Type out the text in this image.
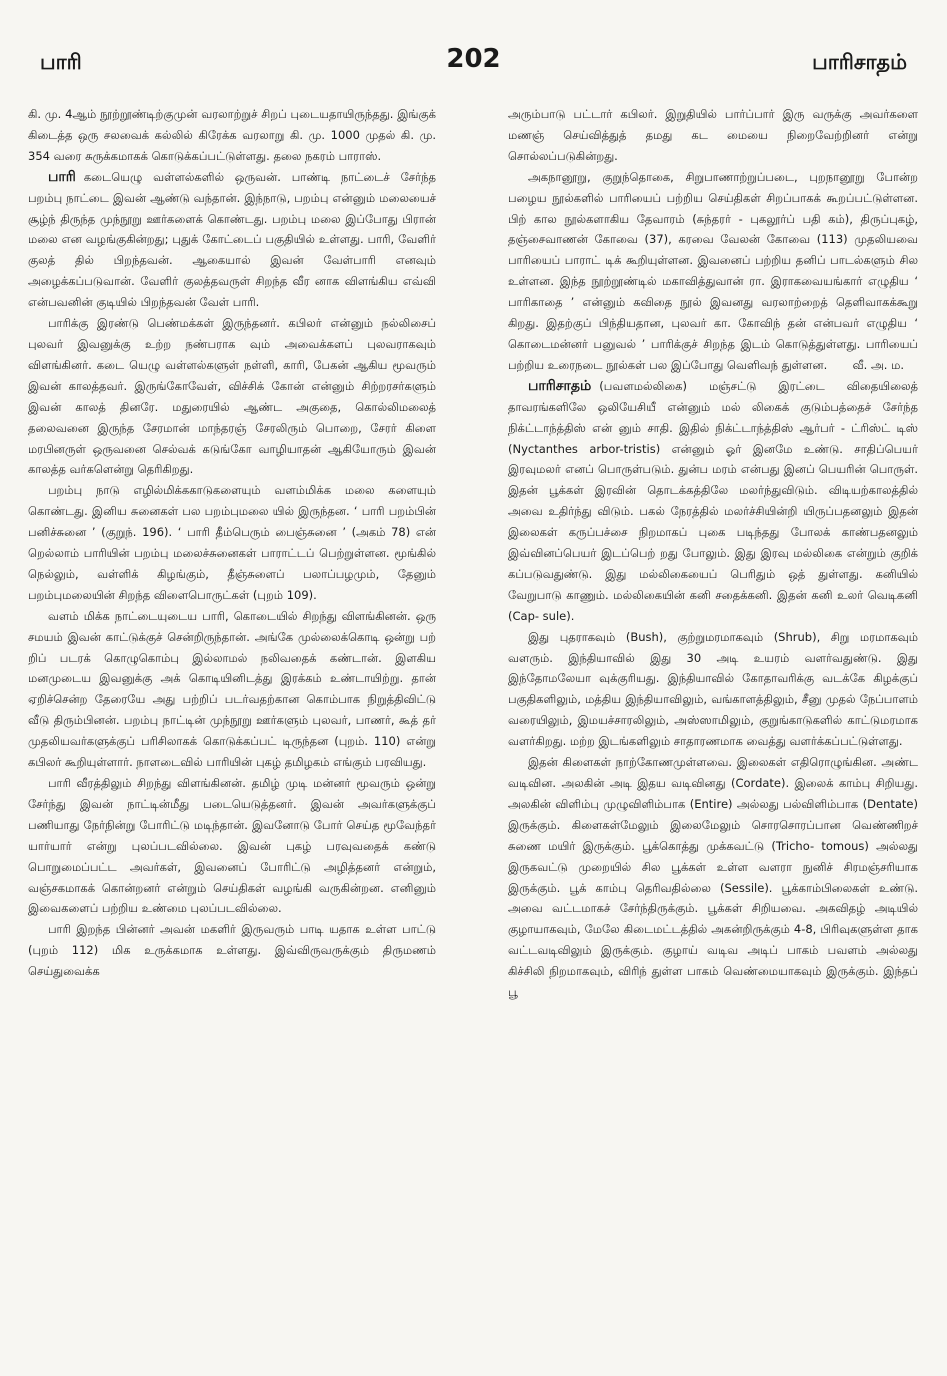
பாரி	202	பாரிசாதம்

கி. மு. 4ஆம் நூற்றூண்டிற்குமுன் வரலாற்றுச் சிறப் புடையதாயிருந்தது. இங்குக் கிடைத்த ஒரு சலவைக் கல்லில் கிரேக்க வரலாறு கி. மு. 1000 முதல் கி. மு. 354 வரை சுருக்கமாகக் கொடுக்கப்பட்டுள்ளது. தலை நகரம் பாராஸ்.

பாரி கடையெழு வள்ளல்களில் ஒருவன். பாண்டி நாட்டைச் சேர்ந்த பறம்பு நாட்டை இவன் ஆண்டு வந்தான். இந்நாடு, பறம்பு என்னும் மலையைச் சூழ்ந் திருந்த முந்நூறு ஊர்களைக் கொண்டது. பறம்பு மலை இப்போது பிரான் மலை என வழங்குகின்றது; புதுக் கோட்டைப் பகுதியில் உள்ளது. பாரி, வேளிர் குலத் தில் பிறந்தவன். ஆகையால் இவன் வேள்பாரி எனவும் அழைக்கப்படுவான். வேளிர் குலத்தவருள் சிறந்த வீர னாக விளங்கிய எவ்வி என்பவனின் குடியில் பிறந்தவன் வேள் பாரி.

பாரிக்கு இரண்டு பெண்மக்கள் இருந்தனர். கபிலர் என்னும் நல்லிசைப் புலவர் இவனுக்கு உற்ற நண்பராக வும் அவைக்களப் புலவராகவும் விளங்கினர். கடை யெழு வள்ளல்களுள் நள்ளி, காரி, பேகன் ஆகிய மூவரும் இவன் காலத்தவர். இருங்கோவேள், விச்சிக் கோன் என்னும் சிற்றரசர்களும் இவன் காலத் தினரே. மதுரையில் ஆண்ட அகுதை, கொல்லிமலைத் தலைவனை இருந்த சேரமான் மாந்தரஞ் சேரலிரும் பொறை, சேரர் கிளை மரபினருள் ஒருவனை செல்வக் கடுங்கோ வாழியாதன் ஆகியோரும் இவன் காலத்த வர்களென்று தெரிகிறது.

பறம்பு நாடு எழில்மிக்ககாடுகளையும் வளம்மிக்க மலை களையும் கொண்டது. இனிய சுனைகள் பல பறம்புமலை யில் இருந்தன. ‘ பாரி பறம்பின் பனிச்சுனை ’ (குறுந். 196). ‘ பாரி தீம்பெரும் பைஞ்சுனை ’ (அகம் 78) என் றெல்லாம் பாரியின் பறம்பு மலைச்சுனைகள் பாராட்டப் பெற்றுள்ளன. மூங்கில் நெல்லும், வள்ளிக் கிழங்கும், தீஞ்சுளைப் பலாப்பழமும், தேனும் பறம்புமலையின் சிறந்த விளைபொருட்கள் (புறம் 109).

வளம் மிக்க நாட்டையுடைய பாரி, கொடையில் சிறந்து விளங்கினன். ஒரு சமயம் இவன் காட்டுக்குச் சென்றிருந்தான். அங்கே முல்லைக்கொடி ஒன்று பற் றிப் படரக் கொழுகொம்பு இல்லாமல் நலிவதைக் கண்டான். இளகிய மனமுடைய இவனுக்கு அக் கொடியினிடத்து இரக்கம் உண்டாயிற்று. தான் ஏறிச்சென்ற தேரையே அது பற்றிப் படர்வதற்கான கொம்பாக நிறுத்திவிட்டு வீடு திரும்பினன். பறம்பு நாட்டின் முந்நூறு ஊர்களும் புலவர், பாணர், கூத் தர் முதலியவர்களுக்குப் பரிசிலாகக் கொடுக்கப்பட் டிருந்தன (புறம். 110) என்று கபிலர் கூறியுள்ளார். நாளடைவில் பாரியின் புகழ் தமிழகம் எங்கும் பரவியது.

பாரி வீரத்திலும் சிறந்து விளங்கினன். தமிழ் முடி மன்னர் மூவரும் ஒன்று சேர்ந்து இவன் நாட்டின்மீது படையெடுத்தனர். இவன் அவர்களுக்குப் பணியாது நேர்நின்று போரிட்டு மடிந்தான். இவனோடு போர் செய்த மூவேந்தர் யார்யார் என்று புலப்படவில்லை. இவன் புகழ் பரவுவதைக் கண்டு பொறுமைப்பட்ட அவர்கள், இவனைப் போரிட்டு அழித்தனர் என்றும், வஞ்சகமாகக் கொன்றனர் என்றும் செய்திகள் வழங்கி வருகின்றன. எனினும் இவைகளைப் பற்றிய உண்மை புலப்படவில்லை.

பாரி இறந்த பின்னர் அவன் மகளிர் இருவரும் பாடி யதாக உள்ள பாட்டு (புறம் 112) மிக உருக்கமாக உள்ளது. இவ்விருவருக்கும் திருமணம் செய்துவைக்க

அரும்பாடு பட்டார் கபிலர். இறுதியில் பார்ப்பார் இரு வருக்கு அவர்களை மணஞ் செய்வித்துத் தமது கட மையை நிறைவேற்றினர் என்று சொல்லப்படுகின்றது.

அகநானூறு, குறுந்தொகை, சிறுபாணாற்றுப்படை, புறநானூறு போன்ற பழைய நூல்களில் பாரியைப் பற்றிய செய்திகள் சிறப்பாகக் கூறப்பட்டுள்ளன. பிற் கால நூல்களாகிய தேவாரம் (சுந்தரர் - புகலூர்ப் பதி கம்), திருப்புகழ், தஞ்சைவாணன் கோவை (37), கரவை வேலன் கோவை (113) முதலியவை பாரியைப் பாராட் டிக் கூறியுள்ளன. இவனைப் பற்றிய தனிப் பாடல்களும் சில உள்ளன. இந்த நூற்றூண்டில் மகாவித்துவான் ரா. இராகவையங்கார் எழுதிய ‘ பாரிகாதை ’ என்னும் கவிதை நூல் இவனது வரலாற்றைத் தெளிவாகக்கூறு கிறது. இதற்குப் பிந்தியதான, புலவர் கா. கோவிந் தன் என்பவர் எழுதிய ‘ கொடைமன்னர் பனுவல் ’ பாரிக்குச் சிறந்த இடம் கொடுத்துள்ளது. பாரியைப் பற்றிய உரைநடை நூல்கள் பல இப்போது வெளிவந் துள்ளன.	வீ. அ. ம.

பாரிசாதம் (பவளமல்லிகை) மஞ்சட்டு இரட்டை விதையிலைத் தாவரங்களிலே ஒலியேசியீ என்னும் மல் லிகைக் குடும்பத்தைச் சேர்ந்த நிக்ட்டாந்த்திஸ் என் னும் சாதி. இதில் நிக்ட்டாந்த்திஸ் ஆர்பர் - ட்ரிஸ்ட் டிஸ் (Nyctanthes arbor-tristis) என்னும் ஓர் இனமே உண்டு. சாதிப்பெயர் இரவுமலர் எனப் பொருள்படும். துன்ப மரம் என்பது இனப் பெயரின் பொருள். இதன் பூக்கள் இரவின் தொடக்கத்திலே மலர்ந்துவிடும். விடியற்காலத்தில் அவை உதிர்ந்து விடும். பகல் நேரத்தில் மலர்ச்சியின்றி யிருப்பதனலும் இதன் இலைகள் கருப்பச்சை நிறமாகப் புகை படிந்தது போலக் காண்பதனலும் இவ்வினப்பெயர் இடப்பெற் றது போலும். இது இரவு மல்லிகை என்றும் குறிக் கப்படுவதுண்டு. இது மல்லிகையைப் பெரிதும் ஒத் துள்ளது. கனியில் வேறுபாடு காணும். மல்லிகையின் கனி சதைக்கனி. இதன் கனி உலர் வெடிகனி (Cap- sule).

இது புதராகவும் (Bush), குற்றுமரமாகவும் (Shrub), சிறு மரமாகவும் வளரும். இந்தியாவில் இது 30 அடி உயரம் வளர்வதுண்டு. இது இந்தோமலேயா வுக்குரியது. இந்தியாவில் கோதாவரிக்கு வடக்கே கிழக்குப் பகுதிகளிலும், மத்திய இந்தியாவிலும், வங்காளத்திலும், சீனு முதல் நேப்பாளம் வரையிலும், இமயச்சாரலிலும், அஸ்ஸாமிலும், குறுங்காடுகளில் காட்டுமரமாக வளர்கிறது. மற்ற இடங்களிலும் சாதாரணமாக வைத்து வளர்க்கப்பட்டுள்ளது.

இதன் கிளைகள் நாற்கோணமுள்ளவை. இலைகள் எதிரொழுங்கின. அண்ட வடிவின. அலகின் அடி இதய வடிவினது (Cordate). இலைக் காம்பு சிறியது. அலகின் விளிம்பு முழுவிளிம்பாக (Entire) அல்லது பல்விளிம்பாக (Dentate) இருக்கும். கிளைகள்மேலும் இலைமேலும் சொரசொரப்பான வெண்ணிறச் சுணை மயிர் இருக்கும். பூக்கொத்து முக்கவட்டு (Tricho- tomous) அல்லது இருகவட்டு முறையில் சில பூக்கள் உள்ள வளரா நுனிச் சிரமஞ்சரியாக இருக்கும். பூக் காம்பு தெரிவதில்லை (Sessile). பூக்காம்பிலைகள் உண்டு. அவை வட்டமாகச் சேர்ந்திருக்கும். பூக்கள் சிறியவை. அகவிதழ் அடியில் குழாயாகவும், மேலே கிடைமட்டத்தில் அகன்றிருக்கும் 4-8, பிரிவுகளுள்ள தாக வட்டவடிவிலும் இருக்கும். குழாய் வடிவ அடிப் பாகம் பவளம் அல்லது கிச்சிலி நிறமாகவும், விரிந் துள்ள பாகம் வெண்மையாகவும் இருக்கும். இந்தப் பூ
